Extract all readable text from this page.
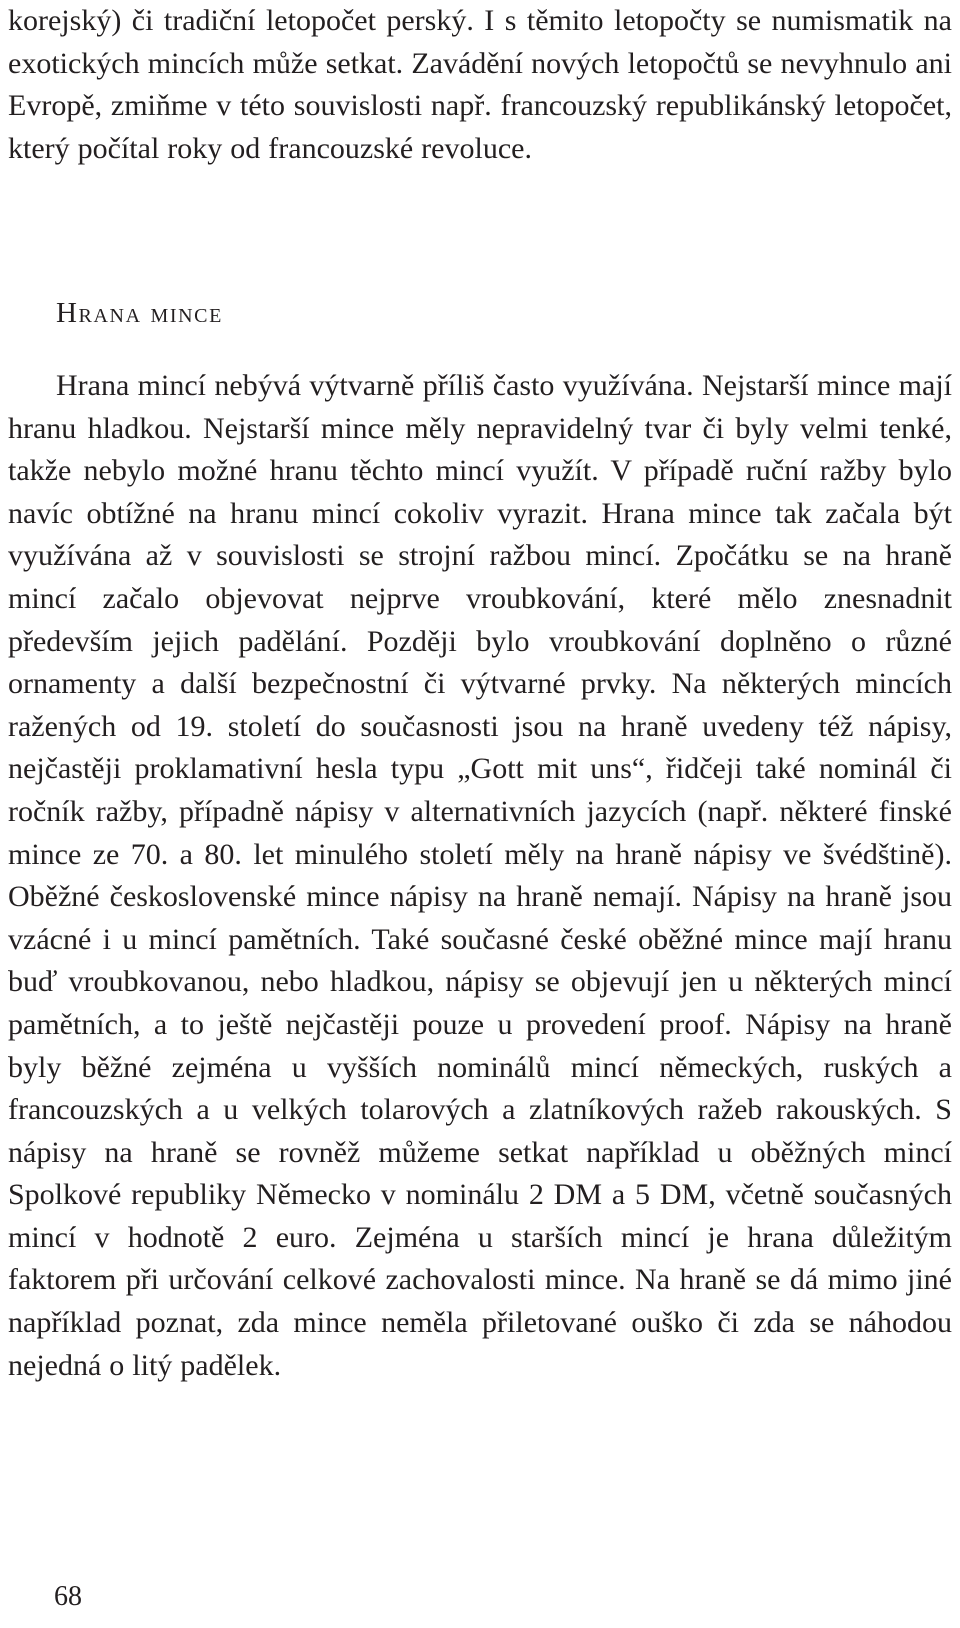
korejský) či tradiční letopočet perský. I s těmito letopočty se numismatik na exotických mincích může setkat. Zavádění nových letopočtů se nevyhnulo ani Evropě, zmiňme v této souvislosti např. francouzský republikánský letopočet, který počítal roky od francouzské revoluce.

Hrana mince

Hrana mincí nebývá výtvarně příliš často využívána. Nejstarší mince mají hranu hladkou. Nejstarší mince měly nepravidelný tvar či byly velmi tenké, takže nebylo možné hranu těchto mincí využít. V případě ruční ražby bylo navíc obtížné na hranu mincí cokoliv vyrazit. Hrana mince tak začala být využívána až v souvislosti se strojní ražbou mincí. Zpočátku se na hraně mincí začalo objevovat nejprve vroubkování, které mělo znesnadnit především jejich padělání. Později bylo vroubkování doplněno o různé ornamenty a další bezpečnostní či výtvarné prvky. Na některých mincích ražených od 19. století do současnosti jsou na hraně uvedeny též nápisy, nejčastěji proklamativní hesla typu „Gott mit uns“, řidčeji také nominál či ročník ražby, případně nápisy v alternativních jazycích (např. některé finské mince ze 70. a 80. let minulého století měly na hraně nápisy ve švédštině). Oběžné československé mince nápisy na hraně nemají. Nápisy na hraně jsou vzácné i u mincí pamětních. Také současné české oběžné mince mají hranu buď vroubkovanou, nebo hladkou, nápisy se objevují jen u některých mincí pamětních, a to ještě nejčastěji pouze u provedení proof. Nápisy na hraně byly běžné zejména u vyšších nominálů mincí německých, ruských a francouzských a u velkých tolarových a zlatníkových ražeb rakouských. S nápisy na hraně se rovněž můžeme setkat například u oběžných mincí Spolkové republiky Německo v nominálu 2 DM a 5 DM, včetně současných mincí v hodnotě 2 euro. Zejména u starších mincí je hrana důležitým faktorem při určování celkové zachovalosti mince. Na hraně se dá mimo jiné například poznat, zda mince neměla přiletované ouško či zda se náhodou nejedná o litý padělek.

68
